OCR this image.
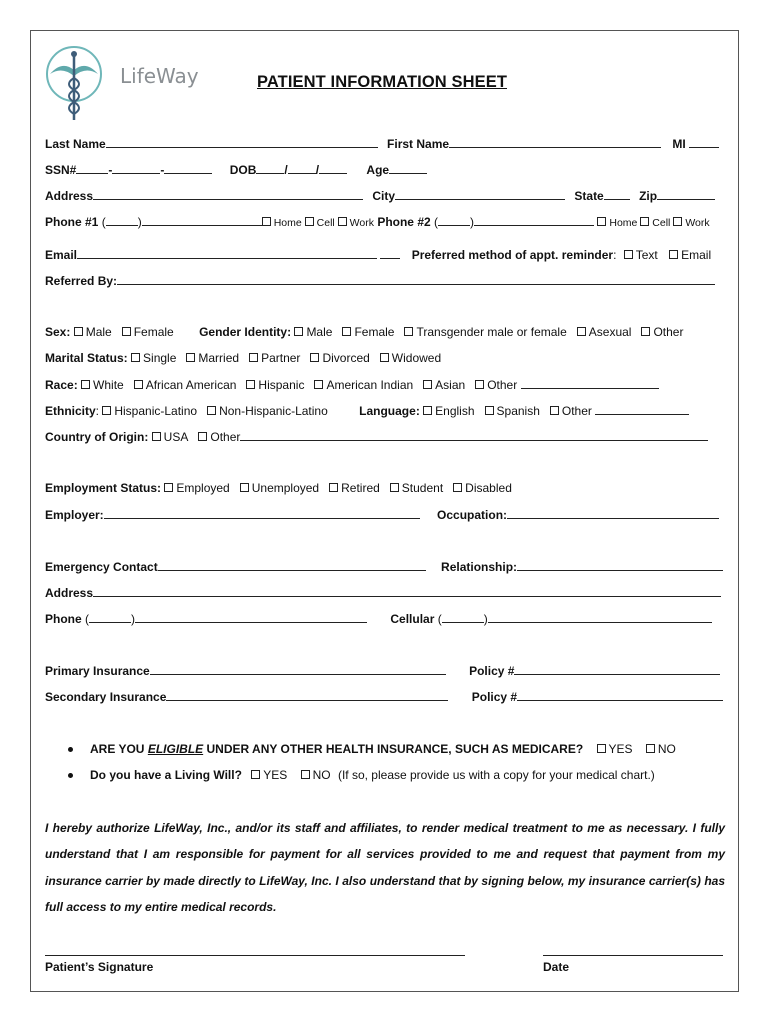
LifeWay	PATIENT INFORMATION SHEET
Last Name	First Name	MI
SSN#	-	-	DOB / /	Age
Address	City	State	Zip
Phone #1 (	)	Home Cell Work Phone #2 (	)	Home Cell Work
Email	Preferred method of appt. reminder: Text Email
Referred By:
Sex: Male Female Gender Identity: Male Female Transgender male or female Asexual Other
Marital Status: Single Married Partner Divorced Widowed
Race: White African American Hispanic American Indian Asian Other
Ethnicity: Hispanic-Latino Non-Hispanic-Latino	Language: English Spanish Other
Country of Origin: USA Other
Employment Status: Employed Unemployed Retired Student Disabled
Employer:	Occupation:
Emergency Contact	Relationship:
Address
Phone (	)	Cellular (	)
Primary Insurance	Policy #
Secondary Insurance	Policy #
ARE YOU ELIGIBLE UNDER ANY OTHER HEALTH INSURANCE, SUCH AS MEDICARE? YES NO
Do you have a Living Will? YES NO (If so, please provide us with a copy for your medical chart.)
I hereby authorize LifeWay, Inc., and/or its staff and affiliates, to render medical treatment to me as necessary. I fully understand that I am responsible for payment for all services provided to me and request that payment from my insurance carrier by made directly to LifeWay, Inc. I also understand that by signing below, my insurance carrier(s) has full access to my entire medical records.
Patient’s Signature	Date
